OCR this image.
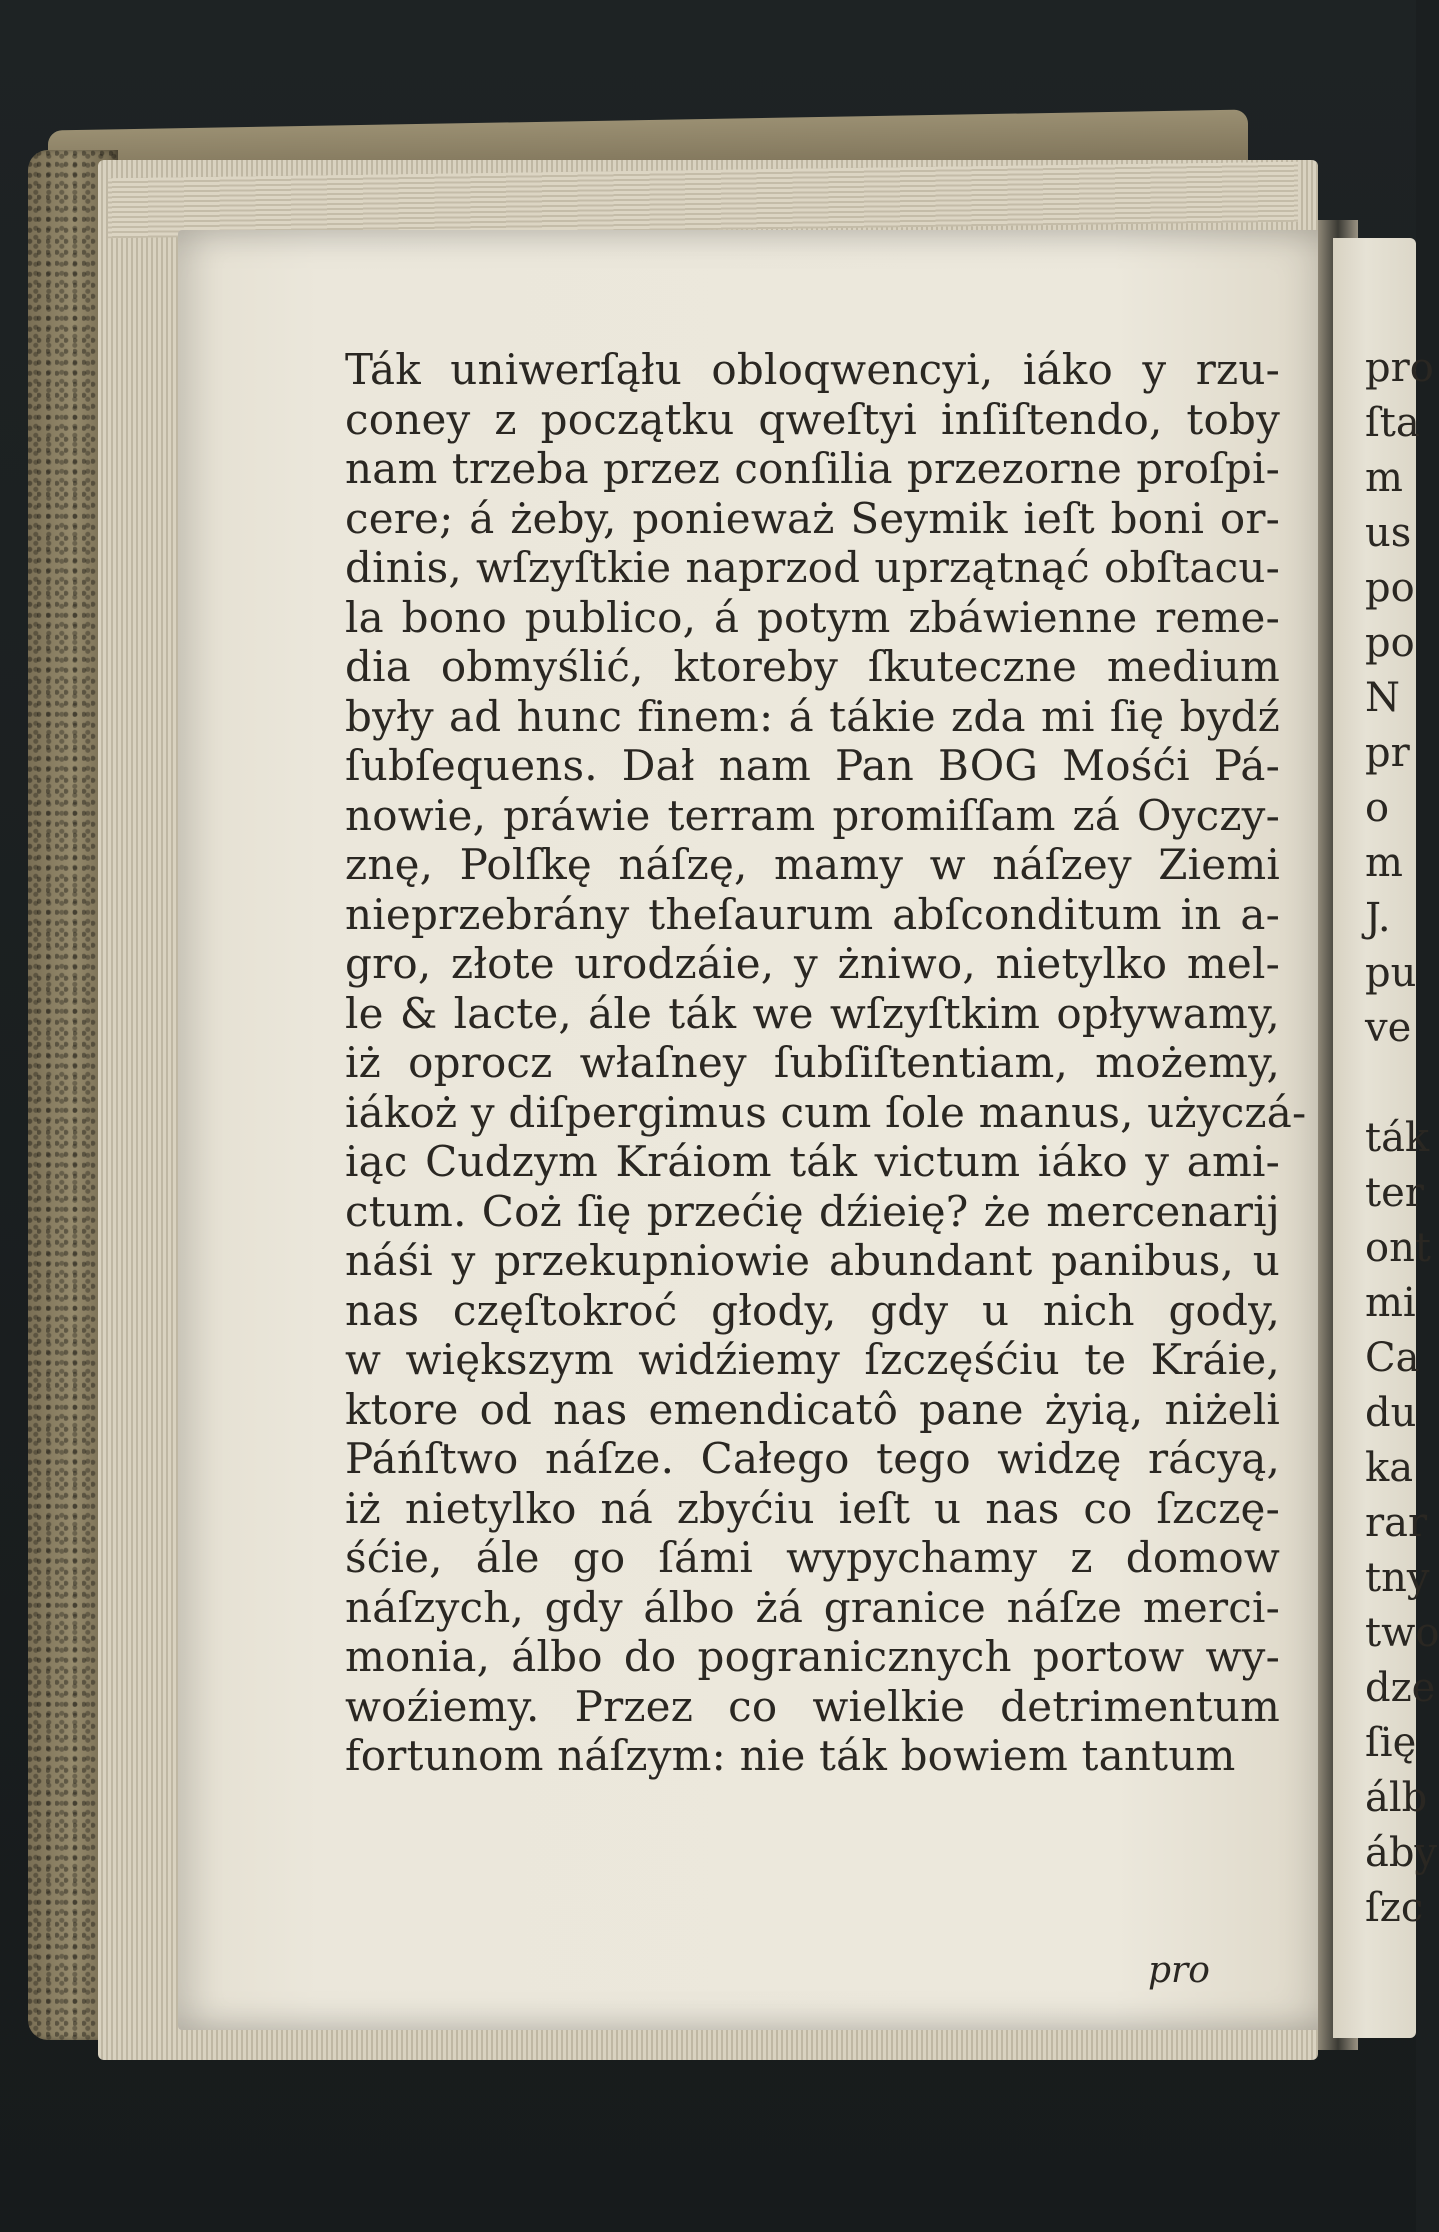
Ták uniwerſąłu obloqwencyi, iáko y rzu-
coney z początku qweſtyi inſiſtendo, toby
nam trzeba przez conſilia przezorne proſpi-
cere; á żeby, ponieważ Seymik ieſt boni or-
dinis, wſzyſtkie naprzod uprzątnąć obſtacu-
la bono publico, á potym zbáwienne reme-
dia obmyślić, ktoreby ſkuteczne medium
były ad hunc finem: á tákie zda mi ſię bydź
ſubſequens. Dał nam Pan BOG Mośći Pá-
nowie, práwie terram promiſſam zá Oyczy-
znę, Polſkę náſzę, mamy w náſzey Ziemi
nieprzebrány theſaurum abſconditum in a-
gro, złote urodzáie, y żniwo, nietylko mel-
le & lacte, ále ták we wſzyſtkim opływamy,
iż oprocz właſney ſubſiſtentiam, możemy,
iákoż y diſpergimus cum ſole manus, użyczá-
iąc Cudzym Kráiom ták victum iáko y ami-
ctum. Coż ſię przećię dźieię? że mercenarij
náśi y przekupniowie abundant panibus, u
nas częſtokroć głody, gdy u nich gody,
w większym widźiemy ſzczęśćiu te Kráie,
ktore od nas emendicatô pane żyią, niżeli
Páńſtwo náſze. Całego tego widzę rácyą,
iż nietylko ná zbyćiu ieſt u nas co ſzczę-
śćie, ále go ſámi wypychamy z domow
náſzych, gdy álbo żá granice náſze merci-
monia, álbo do pogranicznych portow wy-
woźiemy. Przez co wielkie detrimentum
fortunom náſzym: nie ták bowiem tantum
pro
pro
ſta
m
us
po
po
N
pr
o
m
J.
pu
ve
ták
ter
ont
mi
Ca
du
ka
rar
tny
two
dze
ſię
álb
áby
ſzc
